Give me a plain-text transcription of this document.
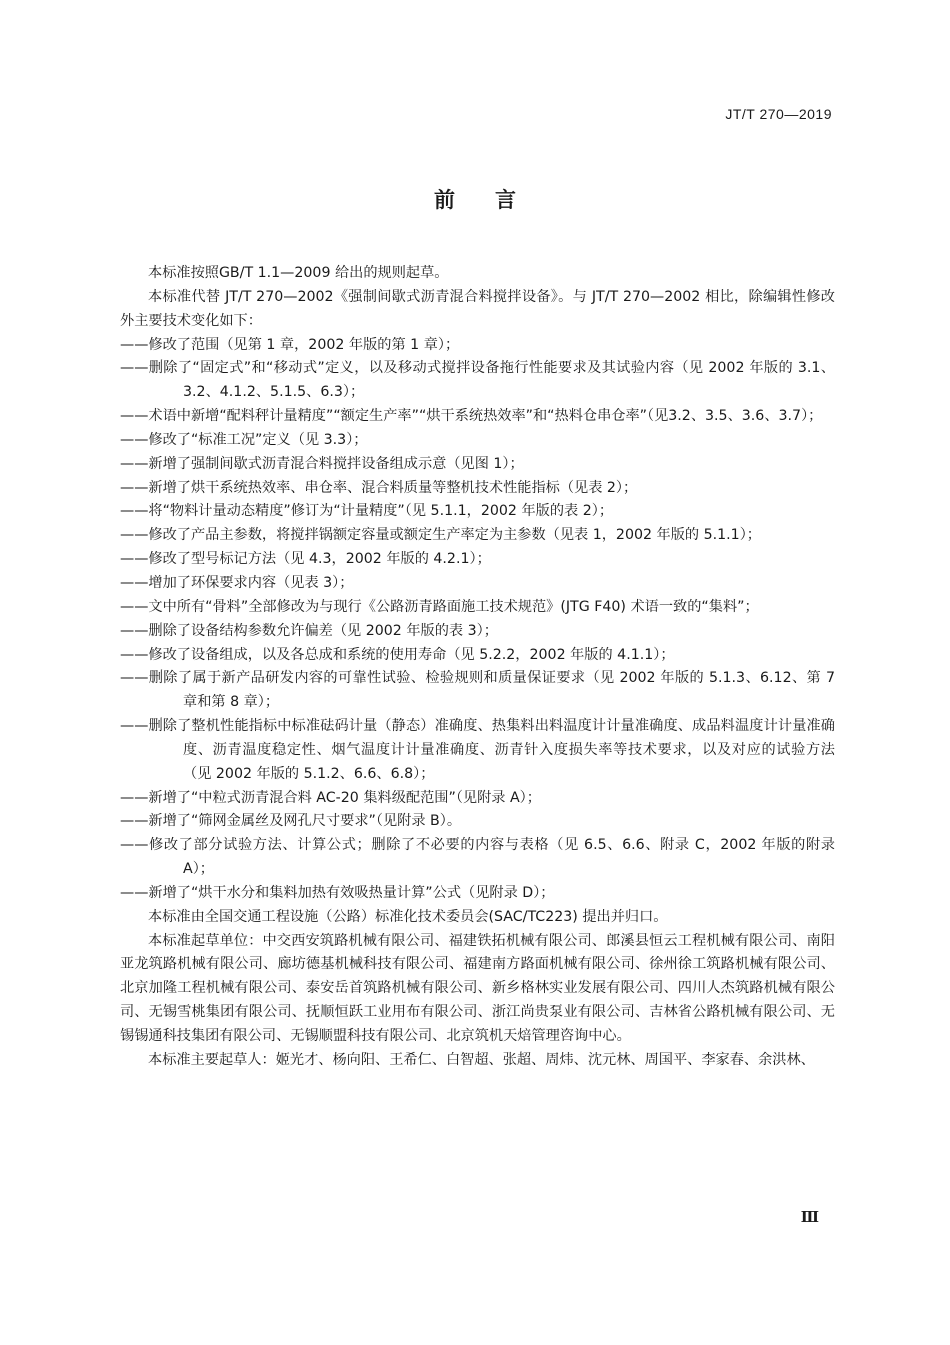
JT/T 270—2019
前言

本标准按照GB/T 1.1—2009 给出的规则起草。

本标准代替 JT/T 270—2002《强制间歇式沥青混合料搅拌设备》。与 JT/T 270—2002 相比，除编辑性修改外主要技术变化如下：

——修改了范围（见第 1 章，2002 年版的第 1 章）；

——删除了“固定式”和“移动式”定义，以及移动式搅拌设备拖行性能要求及其试验内容（见 2002 年版的 3.1、3.2、4.1.2、5.1.5、6.3）；

——术语中新增“配料秤计量精度”“额定生产率”“烘干系统热效率”和“热料仓串仓率”（见3.2、3.5、3.6、3.7）；

——修改了“标准工况”定义（见 3.3）；

——新增了强制间歇式沥青混合料搅拌设备组成示意（见图 1）；

——新增了烘干系统热效率、串仓率、混合料质量等整机技术性能指标（见表 2）；

——将“物料计量动态精度”修订为“计量精度”（见 5.1.1，2002 年版的表 2）；

——修改了产品主参数，将搅拌锅额定容量或额定生产率定为主参数（见表 1，2002 年版的 5.1.1）；

——修改了型号标记方法（见 4.3，2002 年版的 4.2.1）；

——增加了环保要求内容（见表 3）；

——文中所有“骨料”全部修改为与现行《公路沥青路面施工技术规范》(JTG F40) 术语一致的“集料”；

——删除了设备结构参数允许偏差（见 2002 年版的表 3）；

——修改了设备组成，以及各总成和系统的使用寿命（见 5.2.2，2002 年版的 4.1.1）；

——删除了属于新产品研发内容的可靠性试验、检验规则和质量保证要求（见 2002 年版的 5.1.3、6.12、第 7 章和第 8 章）；

——删除了整机性能指标中标准砝码计量（静态）准确度、热集料出料温度计计量准确度、成品料温度计计量准确度、沥青温度稳定性、烟气温度计计量准确度、沥青针入度损失率等技术要求，以及对应的试验方法（见 2002 年版的 5.1.2、6.6、6.8）；

——新增了“中粒式沥青混合料 AC-20 集料级配范围”（见附录 A）；

——新增了“筛网金属丝及网孔尺寸要求”（见附录 B）。

——修改了部分试验方法、计算公式；删除了不必要的内容与表格（见 6.5、6.6、附录 C，2002 年版的附录 A）；

——新增了“烘干水分和集料加热有效吸热量计算”公式（见附录 D）；

本标准由全国交通工程设施（公路）标准化技术委员会(SAC/TC223) 提出并归口。

本标准起草单位：中交西安筑路机械有限公司、福建铁拓机械有限公司、郎溪县恒云工程机械有限公司、南阳亚龙筑路机械有限公司、廊坊德基机械科技有限公司、福建南方路面机械有限公司、徐州徐工筑路机械有限公司、北京加隆工程机械有限公司、泰安岳首筑路机械有限公司、新乡格林实业发展有限公司、四川人杰筑路机械有限公司、无锡雪桃集团有限公司、抚顺恒跃工业用布有限公司、浙江尚贵泵业有限公司、吉林省公路机械有限公司、无锡锡通科技集团有限公司、无锡顺盟科技有限公司、北京筑机天焙管理咨询中心。

本标准主要起草人：姬光才、杨向阳、王希仁、白智超、张超、周炜、沈元林、周国平、李家春、余洪林、

Ⅲ
